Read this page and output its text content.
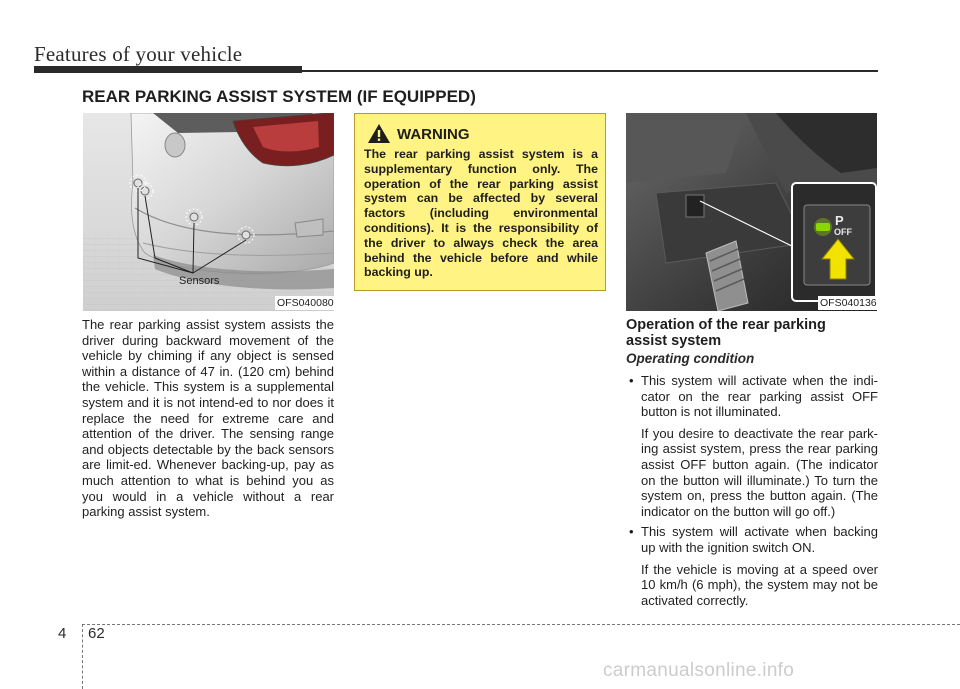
Features of your vehicle
REAR PARKING ASSIST SYSTEM (IF EQUIPPED)
Sensors
OFS040080
The rear parking assist system assists the driver during backward movement of the vehicle by chiming if any object is sensed within a distance of 47 in. (120 cm) behind the vehicle. This system is a supplemental system and it is not intend-ed to nor does it replace the need for extreme care and attention of the driver. The sensing range and objects detectable by the back sensors are limit-ed. Whenever backing-up, pay as much attention to what is behind you as you would in a vehicle without a rear parking assist system.
WARNING
The rear parking assist system is a supplementary function only. The operation of the rear parking assist system can be affected by several factors (including environmental conditions). It is the responsibility of the driver to always check the area behind the vehicle before and while backing up.
P
OFF
OFS040136
Operation of the rear parking assist system
Operating condition
• This system will activate when the indi-cator on the rear parking assist OFF button is not illuminated.
If you desire to deactivate the rear park-ing assist system, press the rear parking assist OFF button again. (The indicator on the button will illuminate.) To turn the system on, press the button again. (The indicator on the button will go off.)
• This system will activate when backing up with the ignition switch ON.
If the vehicle is moving at a speed over 10 km/h (6 mph), the system may not be activated correctly.
4 62
carmanualsonline.info
